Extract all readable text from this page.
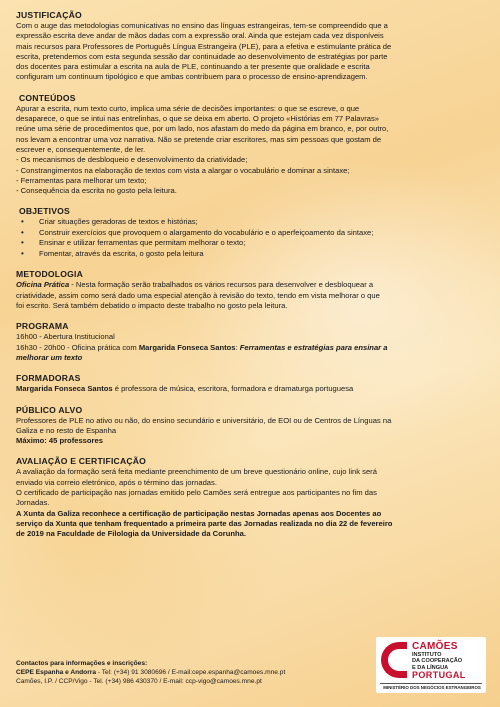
JUSTIFICAÇÃO

Com o auge das metodologias comunicativas no ensino das línguas estrangeiras, tem-se compreendido que a

expressão escrita deve andar de mãos dadas com a expressão oral. Ainda que estejam cada vez disponíveis

mais recursos para Professores de Português Língua Estrangeira (PLE), para a efetiva e estimulante prática de

escrita, pretendemos com esta segunda sessão dar continuidade ao desenvolvimento de estratégias por parte

dos docentes para estimular a escrita na aula de PLE, continuando a ter presente que oralidade e escrita

configuram um continuum tipológico e que ambas contribuem para o processo de ensino-aprendizagem.

CONTEÚDOS

Apurar a escrita, num texto curto, implica uma série de decisões importantes: o que se escreve, o que

desaparece, o que se intui nas entrelinhas, o que se deixa em aberto. O projeto «Histórias em 77 Palavras»

reúne uma série de procedimentos que, por um lado, nos afastam do medo da página em branco, e, por outro,

nos levam a encontrar uma voz narrativa. Não se pretende criar escritores, mas sim pessoas que gostam de

escrever e, consequentemente, de ler.

- Os mecanismos de desbloqueio e desenvolvimento da criatividade;

- Constrangimentos na elaboração de textos com vista a alargar o vocabulário e dominar a sintaxe;

- Ferramentas para melhorar um texto;

- Consequência da escrita no gosto pela leitura.

OBJETIVOS

• Criar situações geradoras de textos e histórias;
• Construir exercícios que provoquem o alargamento do vocabulário e o aperfeiçoamento da sintaxe;
• Ensinar e utilizar ferramentas que permitam melhorar o texto;
• Fomentar, através da escrita, o gosto pela leitura

METODOLOGIA

Oficina Prática - Nesta formação serão trabalhados os vários recursos para desenvolver e desbloquear a

criatividade, assim como será dado uma especial atenção à revisão do texto, tendo em vista melhorar o que

foi escrito. Será também debatido o impacto deste trabalho no gosto pela leitura.

PROGRAMA

16h00 - Abertura Institucional

16h30 - 20h00 - Oficina prática com Margarida Fonseca Santos: Ferramentas e estratégias para ensinar a

melhorar um texto

FORMADORAS

Margarida Fonseca Santos é professora de música, escritora, formadora e dramaturga portuguesa

PÚBLICO ALVO

Professores de PLE no ativo ou não, do ensino secundário e universitário, de EOI ou de Centros de Línguas na

Galiza e no resto de Espanha

Máximo: 45 professores

AVALIAÇÃO E CERTIFICAÇÃO

A avaliação da formação será feita mediante preenchimento de um breve questionário online, cujo link será

enviado via correio eletrónico, após o término das jornadas.

O certificado de participação nas jornadas emitido pelo Camões será entregue aos participantes no fim das

Jornadas.

A Xunta da Galiza reconhece a certificação de participação nestas Jornadas apenas aos Docentes ao

serviço da Xunta que tenham frequentado a primeira parte das Jornadas realizada no dia 22 de fevereiro

de 2019 na Faculdade de Filologia da Universidade da Corunha.

Contactos para informações e inscrições:

CEPE Espanha e Andorra - Tel: (+34) 91 3080696 / E-mail:cepe.espanha@camoes.mne.pt

Camões, I.P. / CCP/Vigo - Tel. (+34) 986 430370 / E-mail: ccp-vigo@camoes.mne.pt

CAMÕES
INSTITUTO
DA COOPERAÇÃO
E DA LÍNGUA
PORTUGAL
MINISTÉRIO DOS NEGÓCIOS ESTRANGEIROS
